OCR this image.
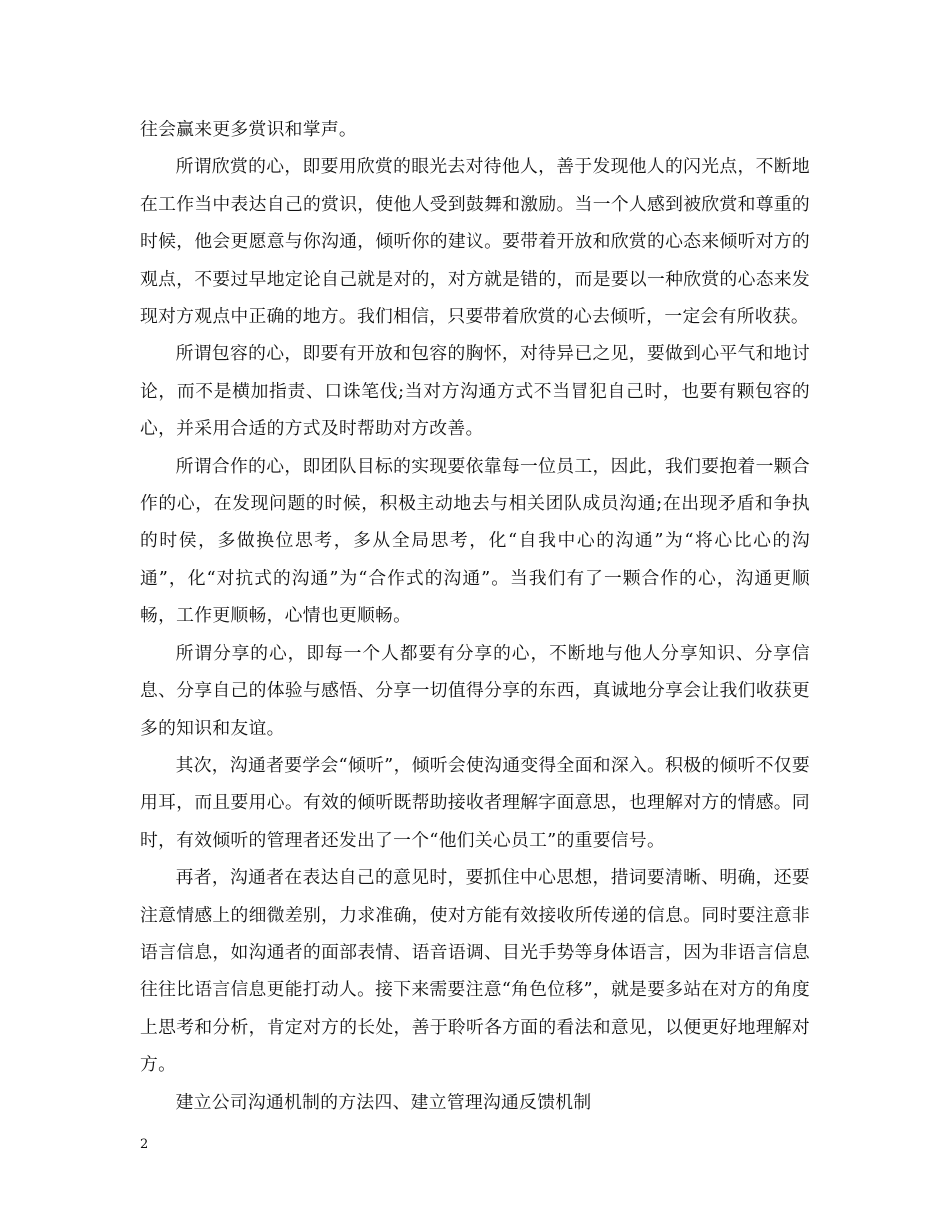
往会赢来更多赏识和掌声。

所谓欣赏的心，即要用欣赏的眼光去对待他人，善于发现他人的闪光点，不断地在工作当中表达自己的赏识，使他人受到鼓舞和激励。当一个人感到被欣赏和尊重的时候，他会更愿意与你沟通，倾听你的建议。要带着开放和欣赏的心态来倾听对方的观点，不要过早地定论自己就是对的，对方就是错的，而是要以一种欣赏的心态来发现对方观点中正确的地方。我们相信，只要带着欣赏的心去倾听，一定会有所收获。

所谓包容的心，即要有开放和包容的胸怀，对待异已之见，要做到心平气和地讨论，而不是横加指责、口诛笔伐;当对方沟通方式不当冒犯自己时，也要有颗包容的心，并采用合适的方式及时帮助对方改善。

所谓合作的心，即团队目标的实现要依靠每一位员工，因此，我们要抱着一颗合作的心，在发现问题的时候，积极主动地去与相关团队成员沟通;在出现矛盾和争执的时侯，多做换位思考，多从全局思考，化“自我中心的沟通”为“将心比心的沟通”，化“对抗式的沟通”为“合作式的沟通”。当我们有了一颗合作的心，沟通更顺畅，工作更顺畅，心情也更顺畅。

所谓分享的心，即每一个人都要有分享的心，不断地与他人分享知识、分享信息、分享自己的体验与感悟、分享一切值得分享的东西，真诚地分享会让我们收获更多的知识和友谊。

其次，沟通者要学会“倾听”，倾听会使沟通变得全面和深入。积极的倾听不仅要用耳，而且要用心。有效的倾听既帮助接收者理解字面意思，也理解对方的情感。同时，有效倾听的管理者还发出了一个“他们关心员工”的重要信号。

再者，沟通者在表达自己的意见时，要抓住中心思想，措词要清晰、明确，还要注意情感上的细微差别，力求准确，使对方能有效接收所传递的信息。同时要注意非语言信息，如沟通者的面部表情、语音语调、目光手势等身体语言，因为非语言信息往往比语言信息更能打动人。接下来需要注意“角色位移”，就是要多站在对方的角度上思考和分析，肯定对方的长处，善于聆听各方面的看法和意见，以便更好地理解对方。

建立公司沟通机制的方法四、建立管理沟通反馈机制

2
